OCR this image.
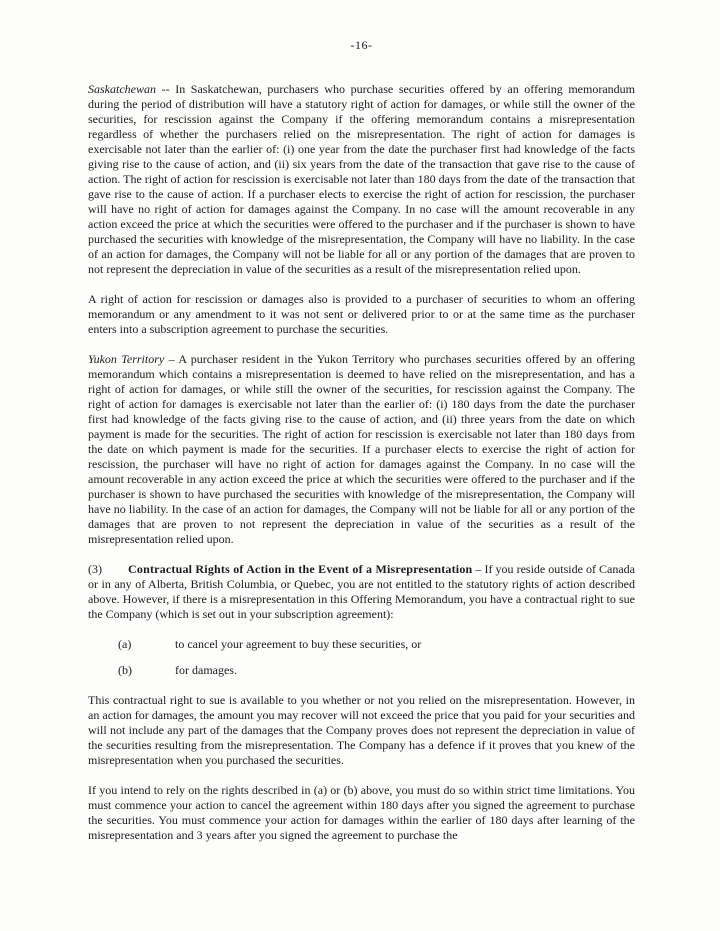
-16-

Saskatchewan -- In Saskatchewan, purchasers who purchase securities offered by an offering memorandum during the period of distribution will have a statutory right of action for damages, or while still the owner of the securities, for rescission against the Company if the offering memorandum contains a misrepresentation regardless of whether the purchasers relied on the misrepresentation. The right of action for damages is exercisable not later than the earlier of: (i) one year from the date the purchaser first had knowledge of the facts giving rise to the cause of action, and (ii) six years from the date of the transaction that gave rise to the cause of action. The right of action for rescission is exercisable not later than 180 days from the date of the transaction that gave rise to the cause of action. If a purchaser elects to exercise the right of action for rescission, the purchaser will have no right of action for damages against the Company. In no case will the amount recoverable in any action exceed the price at which the securities were offered to the purchaser and if the purchaser is shown to have purchased the securities with knowledge of the misrepresentation, the Company will have no liability. In the case of an action for damages, the Company will not be liable for all or any portion of the damages that are proven to not represent the depreciation in value of the securities as a result of the misrepresentation relied upon.

A right of action for rescission or damages also is provided to a purchaser of securities to whom an offering memorandum or any amendment to it was not sent or delivered prior to or at the same time as the purchaser enters into a subscription agreement to purchase the securities.

Yukon Territory – A purchaser resident in the Yukon Territory who purchases securities offered by an offering memorandum which contains a misrepresentation is deemed to have relied on the misrepresentation, and has a right of action for damages, or while still the owner of the securities, for rescission against the Company. The right of action for damages is exercisable not later than the earlier of: (i) 180 days from the date the purchaser first had knowledge of the facts giving rise to the cause of action, and (ii) three years from the date on which payment is made for the securities. The right of action for rescission is exercisable not later than 180 days from the date on which payment is made for the securities. If a purchaser elects to exercise the right of action for rescission, the purchaser will have no right of action for damages against the Company. In no case will the amount recoverable in any action exceed the price at which the securities were offered to the purchaser and if the purchaser is shown to have purchased the securities with knowledge of the misrepresentation, the Company will have no liability. In the case of an action for damages, the Company will not be liable for all or any portion of the damages that are proven to not represent the depreciation in value of the securities as a result of the misrepresentation relied upon.

(3) Contractual Rights of Action in the Event of a Misrepresentation – If you reside outside of Canada or in any of Alberta, British Columbia, or Quebec, you are not entitled to the statutory rights of action described above. However, if there is a misrepresentation in this Offering Memorandum, you have a contractual right to sue the Company (which is set out in your subscription agreement):

(a)	to cancel your agreement to buy these securities, or
(b)	for damages.

This contractual right to sue is available to you whether or not you relied on the misrepresentation. However, in an action for damages, the amount you may recover will not exceed the price that you paid for your securities and will not include any part of the damages that the Company proves does not represent the depreciation in value of the securities resulting from the misrepresentation. The Company has a defence if it proves that you knew of the misrepresentation when you purchased the securities.

If you intend to rely on the rights described in (a) or (b) above, you must do so within strict time limitations. You must commence your action to cancel the agreement within 180 days after you signed the agreement to purchase the securities. You must commence your action for damages within the earlier of 180 days after learning of the misrepresentation and 3 years after you signed the agreement to purchase the
